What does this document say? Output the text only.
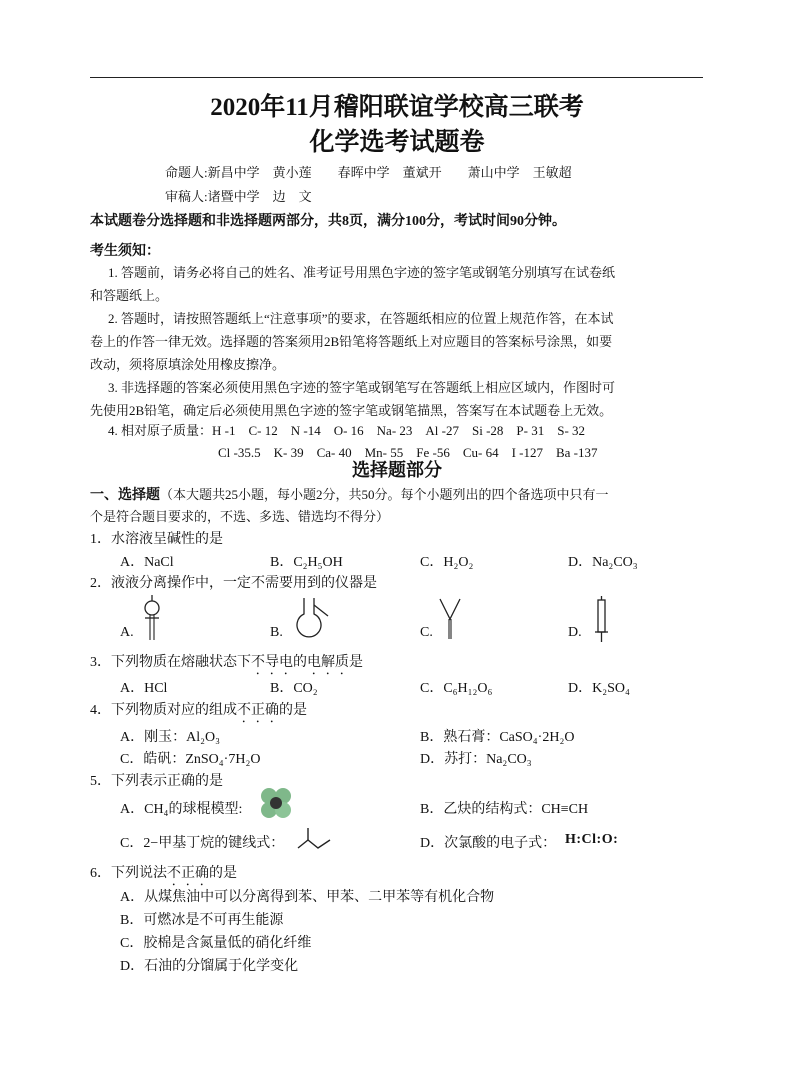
2020年11月稽阳联谊学校高三联考
化学选考试题卷
命题人:新昌中学　黄小莲　　春晖中学　董斌开　　萧山中学　王敏超
审稿人:诸暨中学　边　文
本试题卷分选择题和非选择题两部分，共8页，满分100分，考试时间90分钟。
考生须知：
1. 答题前，请务必将自己的姓名、准考证号用黑色字迹的签字笔或钢笔分别填写在试卷纸
和答题纸上。
2. 答题时，请按照答题纸上“注意事项”的要求，在答题纸相应的位置上规范作答，在本试
卷上的作答一律无效。选择题的答案须用2B铅笔将答题纸上对应题目的答案标号涂黑，如要
改动，须将原填涂处用橡皮擦净。
3. 非选择题的答案必须使用黑色字迹的签字笔或钢笔写在答题纸上相应区域内，作图时可
先使用2B铅笔，确定后必须使用黑色字迹的签字笔或钢笔描黑，答案写在本试题卷上无效。
4. 相对原子质量：H -1　C- 12　N -14　O- 16　Na- 23　Al -27　Si -28　P- 31　S- 32
Cl -35.5　K- 39　Ca- 40　Mn- 55　Fe -56　Cu- 64　I -127　Ba -137
选择题部分
一、选择题（本大题共25小题，每小题2分，共50分。每个小题列出的四个备选项中只有一
个是符合题目要求的，不选、多选、错选均不得分）
1．水溶液呈碱性的是
A．NaCl	B．C₂H₅OH	C．H₂O₂	D．Na₂CO₃
2．液液分离操作中，一定不需要用到的仪器是
A.	B.	C.	D.
3．下列物质在熔融状态下不导电的电解质是
A．HCl	B．CO₂	C．C₆H₁₂O₆	D．K₂SO₄
4．下列物质对应的组成不正确的是
A．刚玉：Al₂O₃	B．熟石膏：CaSO₄·2H₂O
C．皓矾：ZnSO₄·7H₂O	D．苏打：Na₂CO₃
5．下列表示正确的是
A．CH₄的球棍模型:	B．乙炔的结构式：CH≡CH
C．2−甲基丁烷的键线式：	D．次氯酸的电子式： H:Cl:O:
6．下列说法不正确的是
A．从煤焦油中可以分离得到苯、甲苯、二甲苯等有机化合物
B．可燃冰是不可再生能源
C．胶棉是含氮量低的硝化纤维
D．石油的分馏属于化学变化
